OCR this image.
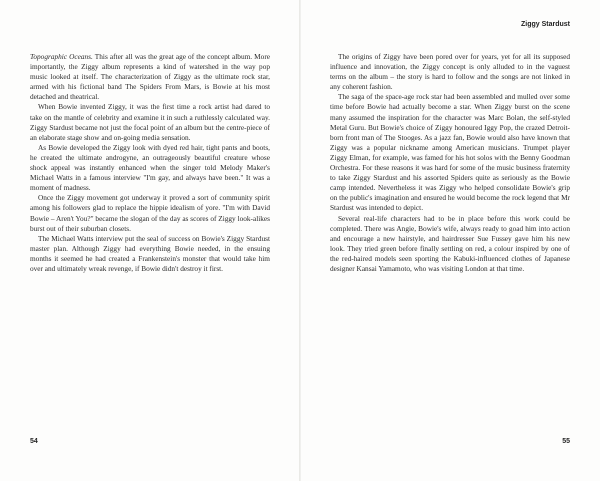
Ziggy Stardust

Topographic Oceans. This after all was the great age of the concept album. More importantly, the Ziggy album represents a kind of watershed in the way pop music looked at itself. The characterization of Ziggy as the ultimate rock star, armed with his fictional band The Spiders From Mars, is Bowie at his most detached and theatrical.

When Bowie invented Ziggy, it was the first time a rock artist had dared to take on the mantle of celebrity and examine it in such a ruthlessly calculated way. Ziggy Stardust became not just the focal point of an album but the centre-piece of an elaborate stage show and on-going media sensation.

As Bowie developed the Ziggy look with dyed red hair, tight pants and boots, he created the ultimate androgyne, an outrageously beautiful creature whose shock appeal was instantly enhanced when the singer told Melody Maker's Michael Watts in a famous interview "I'm gay, and always have been." It was a moment of madness.

Once the Ziggy movement got underway it proved a sort of community spirit among his followers glad to replace the hippie idealism of yore. "I'm with David Bowie – Aren't You?" became the slogan of the day as scores of Ziggy look-alikes burst out of their suburban closets.

The Michael Watts interview put the seal of success on Bowie's Ziggy Stardust master plan. Although Ziggy had everything Bowie needed, in the ensuing months it seemed he had created a Frankenstein's monster that would take him over and ultimately wreak revenge, if Bowie didn't destroy it first.

The origins of Ziggy have been pored over for years, yet for all its supposed influence and innovation, the Ziggy concept is only alluded to in the vaguest terms on the album – the story is hard to follow and the songs are not linked in any coherent fashion.

The saga of the space-age rock star had been assembled and mulled over some time before Bowie had actually become a star. When Ziggy burst on the scene many assumed the inspiration for the character was Marc Bolan, the self-styled Metal Guru. But Bowie's choice of Ziggy honoured Iggy Pop, the crazed Detroit-born front man of The Stooges. As a jazz fan, Bowie would also have known that Ziggy was a popular nickname among American musicians. Trumpet player Ziggy Elman, for example, was famed for his hot solos with the Benny Goodman Orchestra. For these reasons it was hard for some of the music business fraternity to take Ziggy Stardust and his assorted Spiders quite as seriously as the Bowie camp intended. Nevertheless it was Ziggy who helped consolidate Bowie's grip on the public's imagination and ensured he would become the rock legend that Mr Stardust was intended to depict.

Several real-life characters had to be in place before this work could be completed. There was Angie, Bowie's wife, always ready to goad him into action and encourage a new hairstyle, and hairdresser Sue Fussey gave him his new look. They tried green before finally settling on red, a colour inspired by one of the red-haired models seen sporting the Kabuki-influenced clothes of Japanese designer Kansai Yamamoto, who was visiting London at that time.

54	55
